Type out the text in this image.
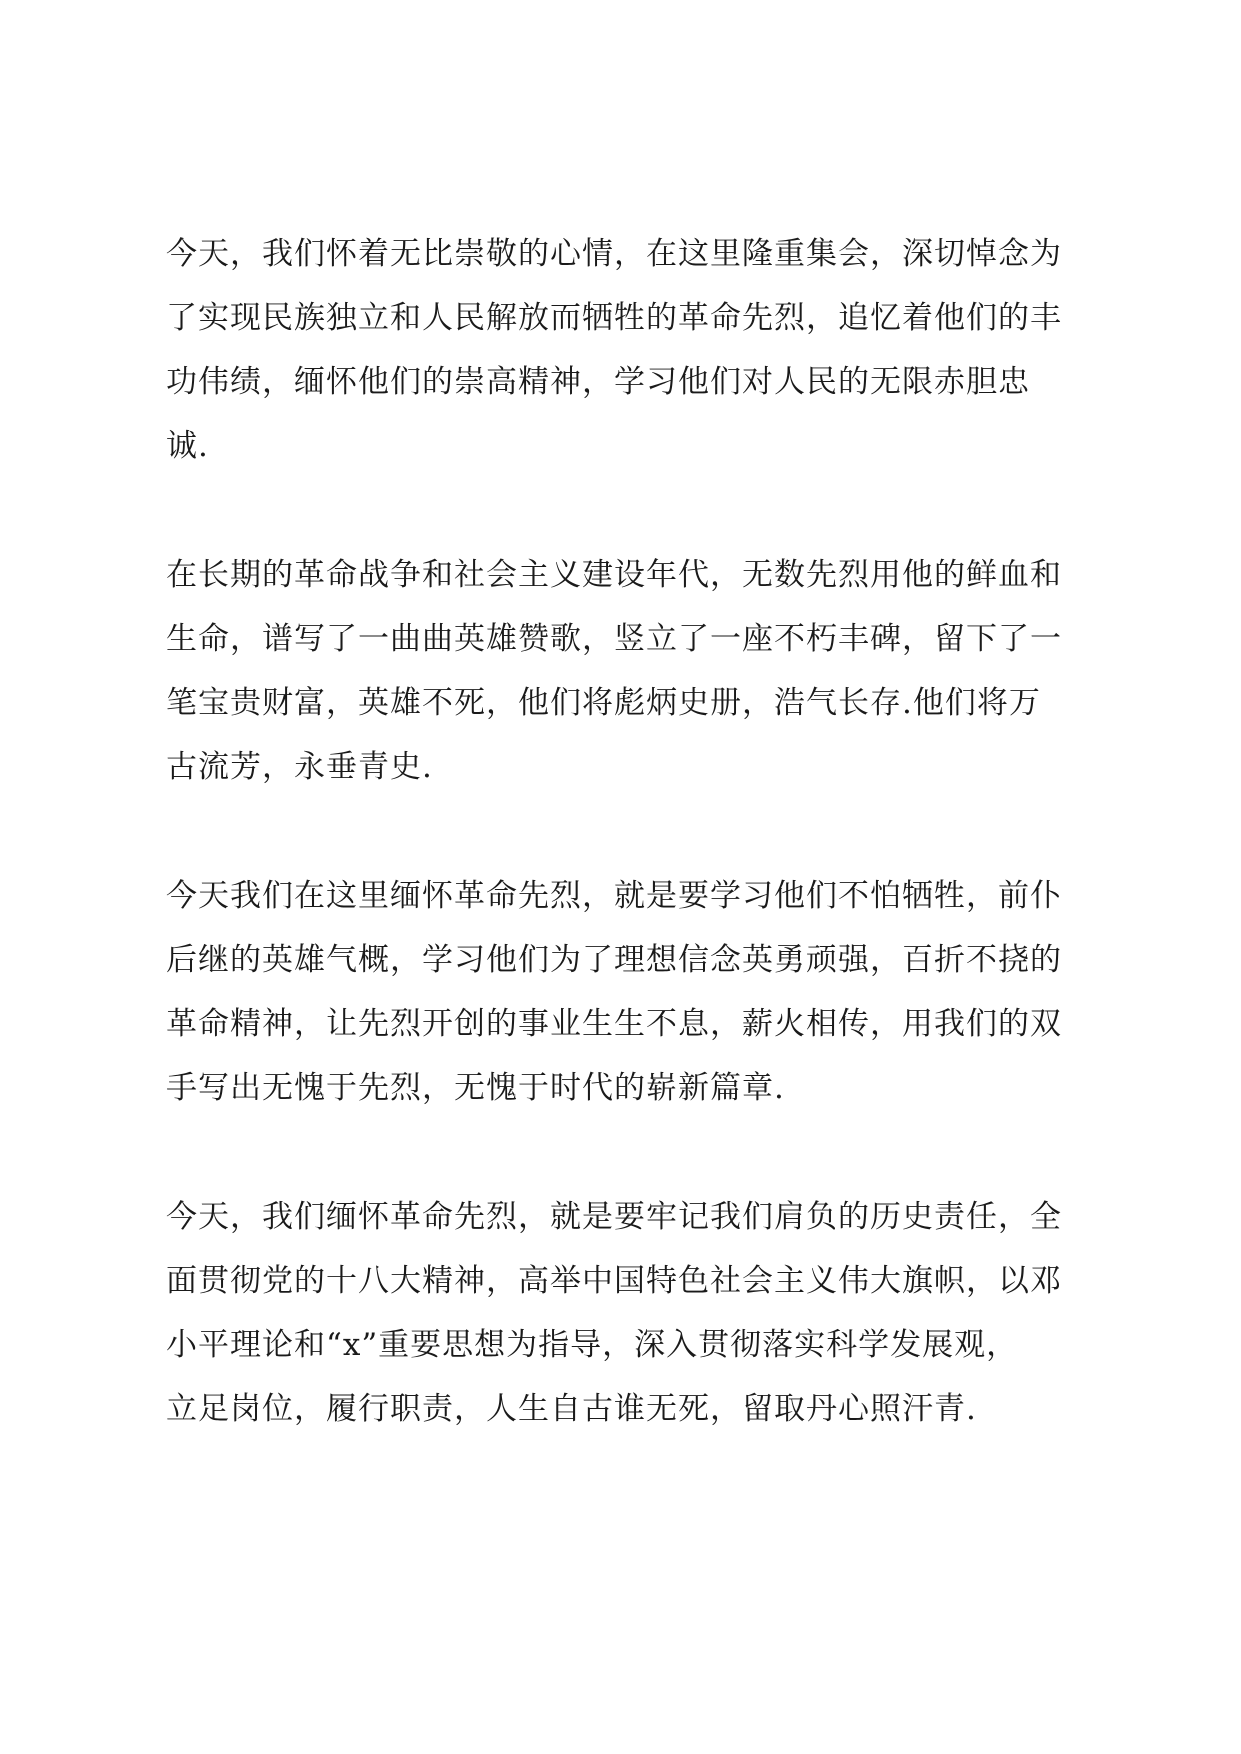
今天，我们怀着无比崇敬的心情，在这里隆重集会，深切悼念为
了实现民族独立和人民解放而牺牲的革命先烈，追忆着他们的丰
功伟绩，缅怀他们的崇高精神，学习他们对人民的无限赤胆忠
诚.

在长期的革命战争和社会主义建设年代，无数先烈用他的鲜血和
生命，谱写了一曲曲英雄赞歌，竖立了一座不朽丰碑，留下了一
笔宝贵财富，英雄不死，他们将彪炳史册，浩气长存.他们将万
古流芳，永垂青史.

今天我们在这里缅怀革命先烈，就是要学习他们不怕牺牲，前仆
后继的英雄气概，学习他们为了理想信念英勇顽强，百折不挠的
革命精神，让先烈开创的事业生生不息，薪火相传，用我们的双
手写出无愧于先烈，无愧于时代的崭新篇章.

今天，我们缅怀革命先烈，就是要牢记我们肩负的历史责任，全
面贯彻党的十八大精神，高举中国特色社会主义伟大旗帜，以邓
小平理论和“x”重要思想为指导，深入贯彻落实科学发展观，
立足岗位，履行职责，人生自古谁无死，留取丹心照汗青.
